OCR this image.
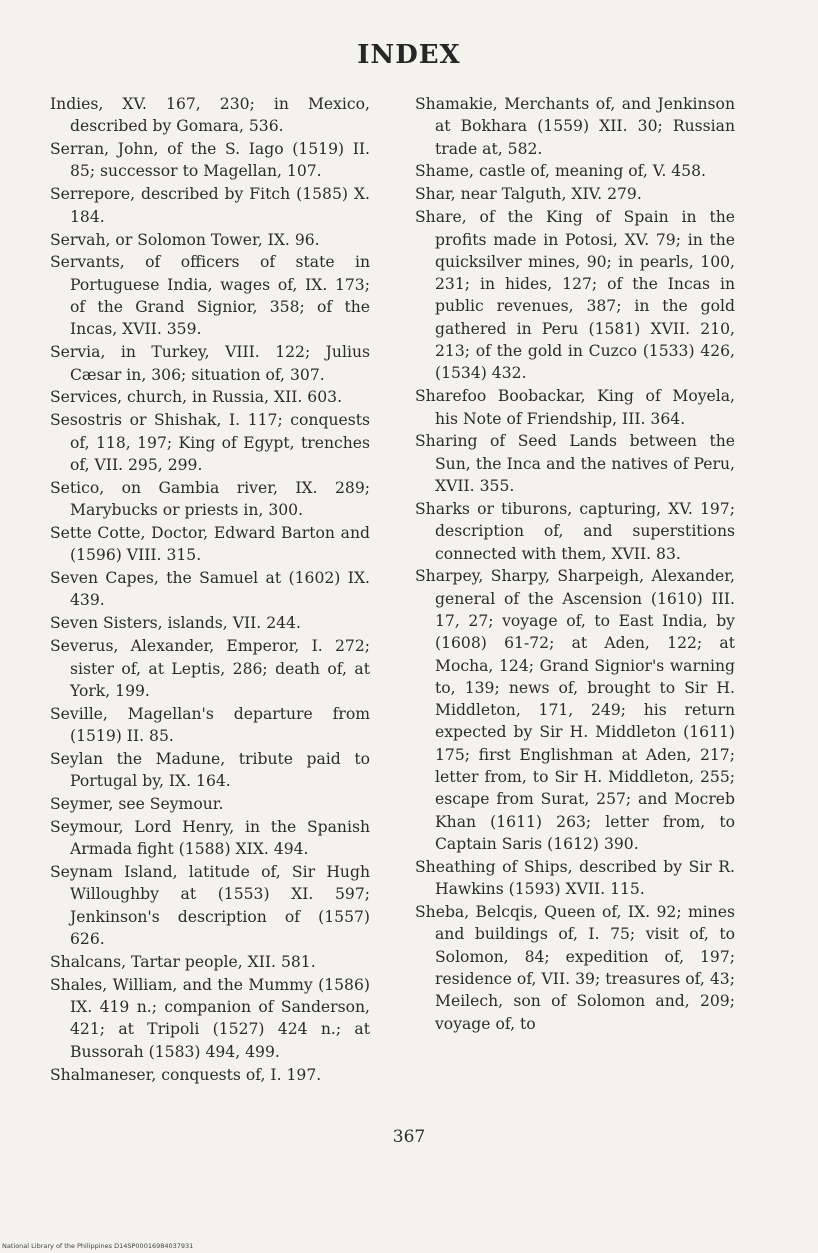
INDEX
Indies, XV. 167, 230; in Mexico, described by Gomara, 536.
Serran, John, of the S. Iago (1519) II. 85; successor to Magellan, 107.
Serrepore, described by Fitch (1585) X. 184.
Servah, or Solomon Tower, IX. 96.
Servants, of officers of state in Portuguese India, wages of, IX. 173; of the Grand Signior, 358; of the Incas, XVII. 359.
Servia, in Turkey, VIII. 122; Julius Cæsar in, 306; situation of, 307.
Services, church, in Russia, XII. 603.
Sesostris or Shishak, I. 117; conquests of, 118, 197; King of Egypt, trenches of, VII. 295, 299.
Setico, on Gambia river, IX. 289; Marybucks or priests in, 300.
Sette Cotte, Doctor, Edward Barton and (1596) VIII. 315.
Seven Capes, the Samuel at (1602) IX. 439.
Seven Sisters, islands, VII. 244.
Severus, Alexander, Emperor, I. 272; sister of, at Leptis, 286; death of, at York, 199.
Seville, Magellan's departure from (1519) II. 85.
Seylan the Madune, tribute paid to Portugal by, IX. 164.
Seymer, see Seymour.
Seymour, Lord Henry, in the Spanish Armada fight (1588) XIX. 494.
Seynam Island, latitude of, Sir Hugh Willoughby at (1553) XI. 597; Jenkinson's description of (1557) 626.
Shalcans, Tartar people, XII. 581.
Shales, William, and the Mummy (1586) IX. 419 n.; companion of Sanderson, 421; at Tripoli (1527) 424 n.; at Bussorah (1583) 494, 499.
Shalmaneser, conquests of, I. 197.
Shamakie, Merchants of, and Jenkinson at Bokhara (1559) XII. 30; Russian trade at, 582.
Shame, castle of, meaning of, V. 458.
Shar, near Talguth, XIV. 279.
Share, of the King of Spain in the profits made in Potosi, XV. 79; in the quicksilver mines, 90; in pearls, 100, 231; in hides, 127; of the Incas in public revenues, 387; in the gold gathered in Peru (1581) XVII. 210, 213; of the gold in Cuzco (1533) 426, (1534) 432.
Sharefoo Boobackar, King of Moyela, his Note of Friendship, III. 364.
Sharing of Seed Lands between the Sun, the Inca and the natives of Peru, XVII. 355.
Sharks or tiburons, capturing, XV. 197; description of, and superstitions connected with them, XVII. 83.
Sharpey, Sharpy, Sharpeigh, Alexander, general of the Ascension (1610) III. 17, 27; voyage of, to East India, by (1608) 61-72; at Aden, 122; at Mocha, 124; Grand Signior's warning to, 139; news of, brought to Sir H. Middleton, 171, 249; his return expected by Sir H. Middleton (1611) 175; first Englishman at Aden, 217; letter from, to Sir H. Middleton, 255; escape from Surat, 257; and Mocreb Khan (1611) 263; letter from, to Captain Saris (1612) 390.
Sheathing of Ships, described by Sir R. Hawkins (1593) XVII. 115.
Sheba, Belcqis, Queen of, IX. 92; mines and buildings of, I. 75; visit of, to Solomon, 84; expedition of, 197; residence of, VII. 39; treasures of, 43; Meilech, son of Solomon and, 209; voyage of, to
367
National Library of the Philippines D14SP00016984037931
